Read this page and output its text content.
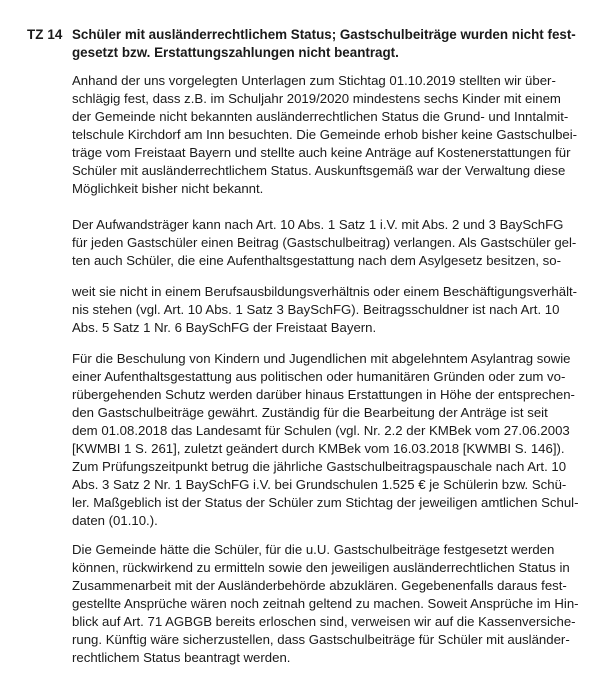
TZ 14 Schüler mit ausländerrechtlichem Status; Gastschulbeiträge wurden nicht fest-
gesetzt bzw. Erstattungszahlungen nicht beantragt.
Anhand der uns vorgelegten Unterlagen zum Stichtag 01.10.2019 stellten wir über-
schlägig fest, dass z.B. im Schuljahr 2019/2020 mindestens sechs Kinder mit einem
der Gemeinde nicht bekannten ausländerrechtlichen Status die Grund- und Inntalmit-
telschule Kirchdorf am Inn besuchten. Die Gemeinde erhob bisher keine Gastschulbei-
träge vom Freistaat Bayern und stellte auch keine Anträge auf Kostenerstattungen für
Schüler mit ausländerrechtlichem Status. Auskunftsgemäß war der Verwaltung diese
Möglichkeit bisher nicht bekannt.
Der Aufwandsträger kann nach Art. 10 Abs. 1 Satz 1 i.V. mit Abs. 2 und 3 BaySchFG
für jeden Gastschüler einen Beitrag (Gastschulbeitrag) verlangen. Als Gastschüler gel-
ten auch Schüler, die eine Aufenthaltsgestattung nach dem Asylgesetz besitzen, so-
weit sie nicht in einem Berufsausbildungsverhältnis oder einem Beschäftigungsverhält-
nis stehen (vgl. Art. 10 Abs. 1 Satz 3 BaySchFG). Beitragsschuldner ist nach Art. 10
Abs. 5 Satz 1 Nr. 6 BaySchFG der Freistaat Bayern.
Für die Beschulung von Kindern und Jugendlichen mit abgelehntem Asylantrag sowie
einer Aufenthaltsgestattung aus politischen oder humanitären Gründen oder zum vo-
rübergehenden Schutz werden darüber hinaus Erstattungen in Höhe der entsprechen-
den Gastschulbeiträge gewährt. Zuständig für die Bearbeitung der Anträge ist seit
dem 01.08.2018 das Landesamt für Schulen (vgl. Nr. 2.2 der KMBek vom 27.06.2003
[KWMBI 1 S. 261], zuletzt geändert durch KMBek vom 16.03.2018 [KWMBI S. 146]).
Zum Prüfungszeitpunkt betrug die jährliche Gastschulbeitragspauschale nach Art. 10
Abs. 3 Satz 2 Nr. 1 BaySchFG i.V. bei Grundschulen 1.525 € je Schülerin bzw. Schü-
ler. Maßgeblich ist der Status der Schüler zum Stichtag der jeweiligen amtlichen Schul-
daten (01.10.).
Die Gemeinde hätte die Schüler, für die u.U. Gastschulbeiträge festgesetzt werden
können, rückwirkend zu ermitteln sowie den jeweiligen ausländerrechtlichen Status in
Zusammenarbeit mit der Ausländerbehörde abzuklären. Gegebenenfalls daraus fest-
gestellte Ansprüche wären noch zeitnah geltend zu machen. Soweit Ansprüche im Hin-
blick auf Art. 71 AGBGB bereits erloschen sind, verweisen wir auf die Kassenversiche-
rung. Künftig wäre sicherzustellen, dass Gastschulbeiträge für Schüler mit ausländer-
rechtlichem Status beantragt werden.
